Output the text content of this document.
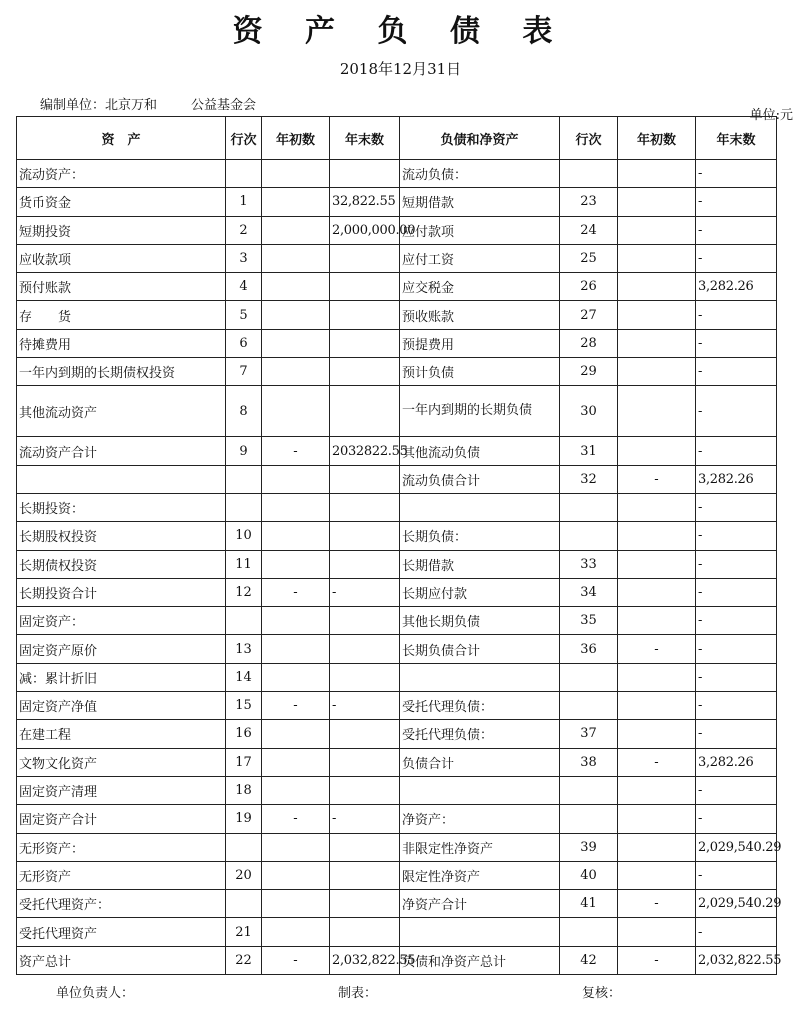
资 产 负 债 表
2018年12月31日
编制单位：北京万和	公益基金会
单位:元
资　产	行次	年初数	年末数	负债和净资产	行次	年初数	年末数
流动资产：				流动负债：			-
货币资金	1		32,822.55	短期借款	23		-
短期投资	2		2,000,000.00	应付款项	24		-
应收款项	3			应付工资	25		-
预付账款	4			应交税金	26		3,282.26
存　　货	5			预收账款	27		-
待摊费用	6			预提费用	28		-
一年内到期的长期债权投资	7			预计负债	29		-
其他流动资产	8			一年内到期的长期负债	30		-
流动资产合计	9	-	2032822.55	其他流动负债	31		-
				流动负债合计	32	-	3,282.26
长期投资：							-
长期股权投资	10			长期负债：			-
长期债权投资	11			长期借款	33		-
长期投资合计	12	-	-	长期应付款	34		-
固定资产：				其他长期负债	35		-
固定资产原价	13			长期负债合计	36	-	-
减：累计折旧	14						-
固定资产净值	15	-	-	受托代理负债：			-
在建工程	16			受托代理负债：	37		-
文物文化资产	17			负债合计	38	-	3,282.26
固定资产清理	18						-
固定资产合计	19	-	-	净资产：			-
无形资产：				非限定性净资产	39		2,029,540.29
无形资产	20			限定性净资产	40		-
受托代理资产：				净资产合计	41	-	2,029,540.29
受托代理资产	21						-
资产总计	22	-	2,032,822.55	负债和净资产总计	42	-	2,032,822.55
单位负责人：	制表：	复核：
